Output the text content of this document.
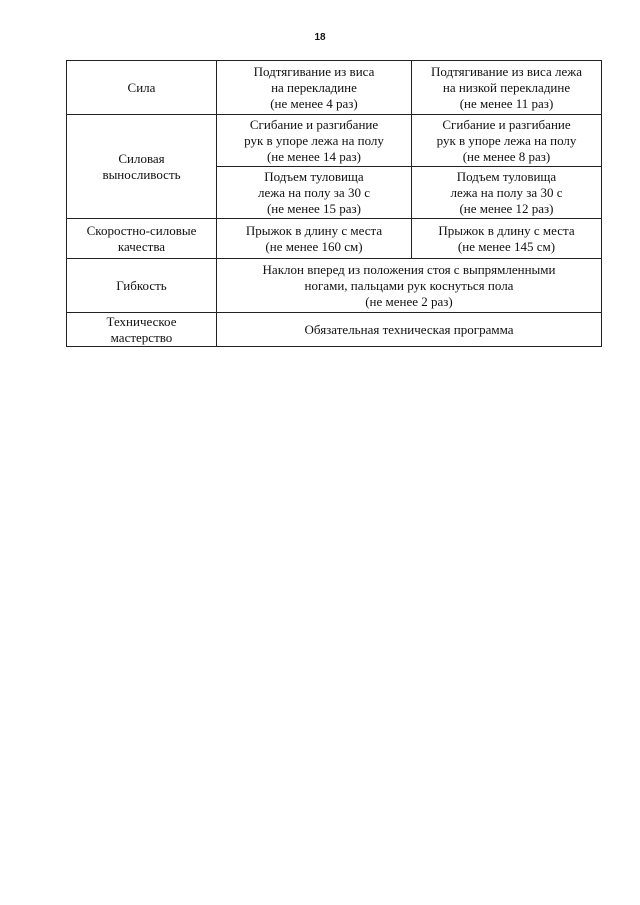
18
Сила	Подтягивание из виса
на перекладине
(не менее 4 раз)	Подтягивание из виса лежа
на низкой перекладине
(не менее 11 раз)
Силовая
выносливость	Сгибание и разгибание
рук в упоре лежа на полу
(не менее 14 раз)	Сгибание и разгибание
рук в упоре лежа на полу
(не менее 8 раз)
	Подъем туловища
лежа на полу за 30 с
(не менее 15 раз)	Подъем туловища
лежа на полу за 30 с
(не менее 12 раз)
Скоростно-силовые
качества	Прыжок в длину с места
(не менее 160 см)	Прыжок в длину с места
(не менее 145 см)
Гибкость	Наклон вперед из положения стоя с выпрямленными
ногами, пальцами рук коснуться пола
(не менее 2 раз)	
Техническое
мастерство	Обязательная техническая программа	
